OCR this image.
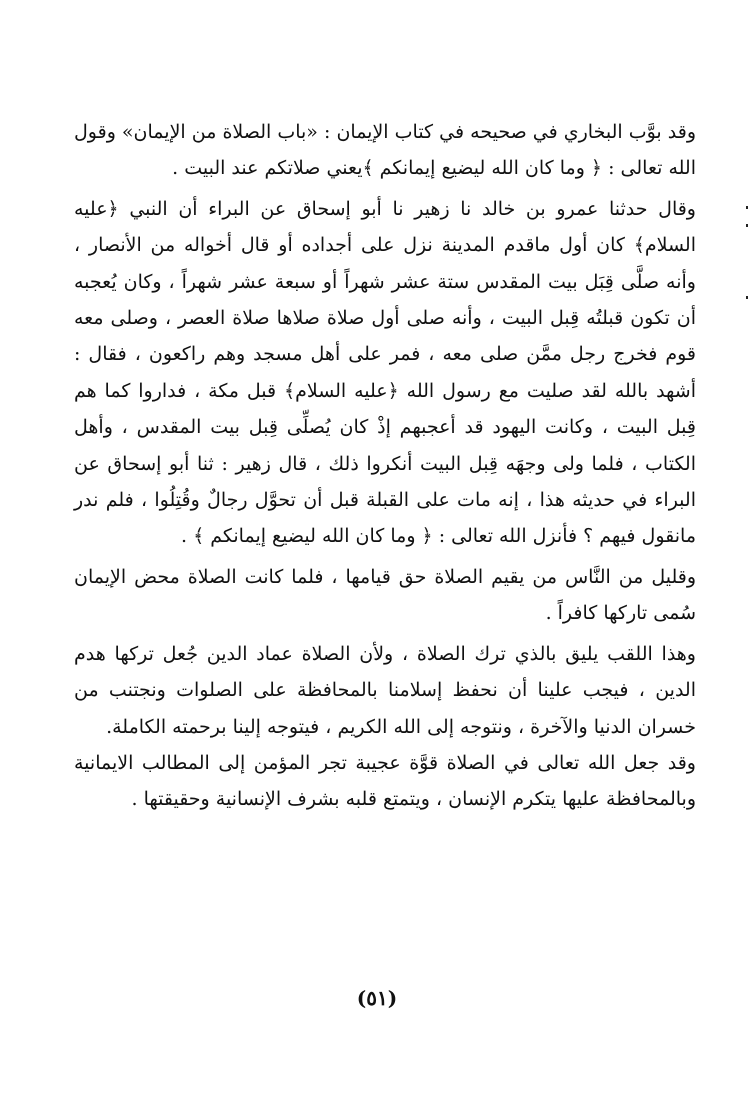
وقد بوَّب البخاري في صحيحه في كتاب الإيمان : «باب الصلاة من الإيمان» وقول الله تعالى : ﴿ وما كان الله ليضيع إيمانكم ﴾يعني صلاتكم عند البيت .

وقال حدثنا عمرو بن خالد نا زهير نا أبو إسحاق عن البراء أن النبي ﴿عليه السلام﴾ كان أول ماقدم المدينة نزل على أجداده أو قال أخواله من الأنصار ، وأنه صلَّى قِبَل بيت المقدس ستة عشر شهراً أو سبعة عشر شهراً ، وكان يُعجبه أن تكون قبلتُه قِبل البيت ، وأنه صلى أول صلاة صلاها صلاة العصر ، وصلى معه قوم فخرج رجل ممَّن صلى معه ، فمر على أهل مسجد وهم راكعون ، فقال : أشهد بالله لقد صليت مع رسول الله ﴿عليه السلام﴾ قبل مكة ، فداروا كما هم قِبل البيت ، وكانت اليهود قد أعجبهم إذْ كان يُصلِّى قِبل بيت المقدس ، وأهل الكتاب ، فلما ولى وجهَه قِبل البيت أنكروا ذلك ، قال زهير : ثنا أبو إسحاق عن البراء في حديثه هذا ، إنه مات على القبلة قبل أن تحوَّل رجالٌ وقُتِلُوا ، فلم ندر مانقول فيهم ؟ فأنزل الله تعالى : ﴿ وما كان الله ليضيع إيمانكم ﴾ .

وقليل من النَّاس من يقيم الصلاة حق قيامها ، فلما كانت الصلاة محض الإيمان سُمى تاركها كافراً .

وهذا اللقب يليق بالذي ترك الصلاة ، ولأن الصلاة عماد الدين جُعل تركها هدم الدين ، فيجب علينا أن نحفظ إسلامنا بالمحافظة على الصلوات ونجتنب من خسران الدنيا والآخرة ، ونتوجه إلى الله الكريم ، فيتوجه إلينا برحمته الكاملة.

وقد جعل الله تعالى في الصلاة قوَّة عجيبة تجر المؤمن إلى المطالب الايمانية وبالمحافظة عليها يتكرم الإنسان ، ويتمتع قلبه بشرف الإنسانية وحقيقتها .

(٥١)
